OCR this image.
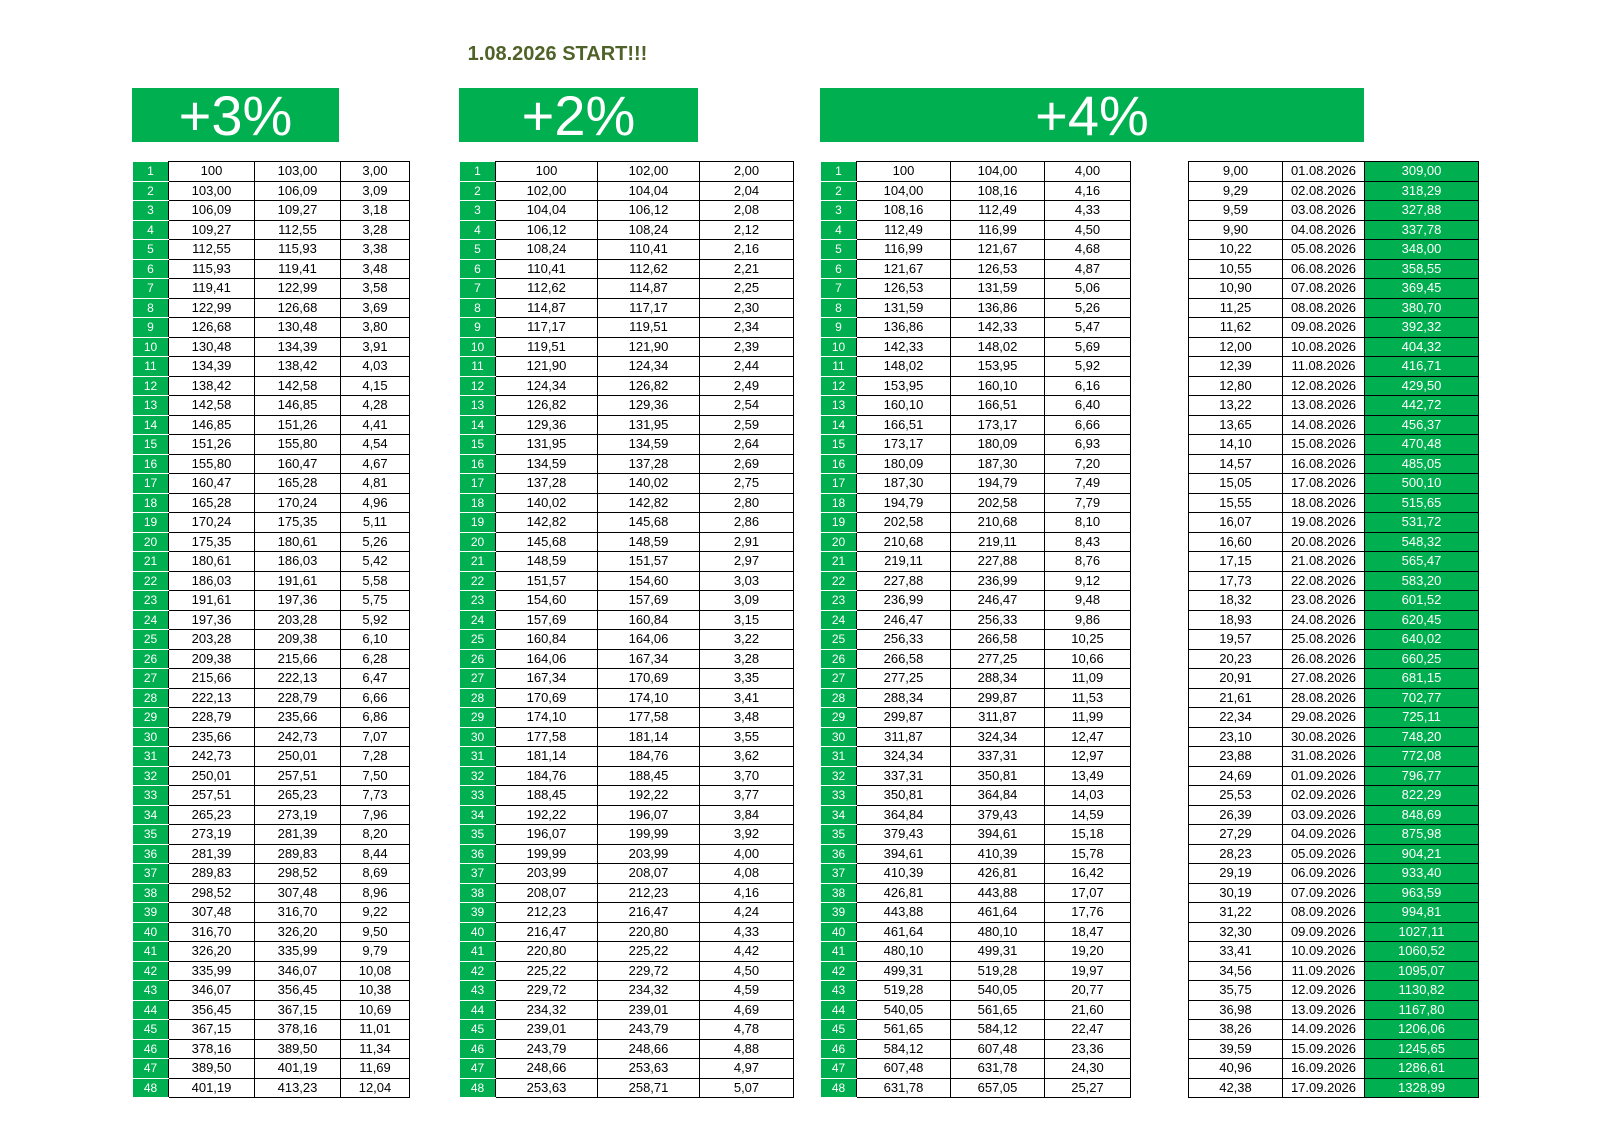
1.08.2026 START!!!
+3%	+2%	+4%
1	100	103,00	3,00
2	103,00	106,09	3,09
3	106,09	109,27	3,18
4	109,27	112,55	3,28
5	112,55	115,93	3,38
6	115,93	119,41	3,48
7	119,41	122,99	3,58
8	122,99	126,68	3,69
9	126,68	130,48	3,80
10	130,48	134,39	3,91
11	134,39	138,42	4,03
12	138,42	142,58	4,15
13	142,58	146,85	4,28
14	146,85	151,26	4,41
15	151,26	155,80	4,54
16	155,80	160,47	4,67
17	160,47	165,28	4,81
18	165,28	170,24	4,96
19	170,24	175,35	5,11
20	175,35	180,61	5,26
21	180,61	186,03	5,42
22	186,03	191,61	5,58
23	191,61	197,36	5,75
24	197,36	203,28	5,92
25	203,28	209,38	6,10
26	209,38	215,66	6,28
27	215,66	222,13	6,47
28	222,13	228,79	6,66
29	228,79	235,66	6,86
30	235,66	242,73	7,07
31	242,73	250,01	7,28
32	250,01	257,51	7,50
33	257,51	265,23	7,73
34	265,23	273,19	7,96
35	273,19	281,39	8,20
36	281,39	289,83	8,44
37	289,83	298,52	8,69
38	298,52	307,48	8,96
39	307,48	316,70	9,22
40	316,70	326,20	9,50
41	326,20	335,99	9,79
42	335,99	346,07	10,08
43	346,07	356,45	10,38
44	356,45	367,15	10,69
45	367,15	378,16	11,01
46	378,16	389,50	11,34
47	389,50	401,19	11,69
48	401,19	413,23	12,04
1	100	102,00	2,00
2	102,00	104,04	2,04
3	104,04	106,12	2,08
4	106,12	108,24	2,12
5	108,24	110,41	2,16
6	110,41	112,62	2,21
7	112,62	114,87	2,25
8	114,87	117,17	2,30
9	117,17	119,51	2,34
10	119,51	121,90	2,39
11	121,90	124,34	2,44
12	124,34	126,82	2,49
13	126,82	129,36	2,54
14	129,36	131,95	2,59
15	131,95	134,59	2,64
16	134,59	137,28	2,69
17	137,28	140,02	2,75
18	140,02	142,82	2,80
19	142,82	145,68	2,86
20	145,68	148,59	2,91
21	148,59	151,57	2,97
22	151,57	154,60	3,03
23	154,60	157,69	3,09
24	157,69	160,84	3,15
25	160,84	164,06	3,22
26	164,06	167,34	3,28
27	167,34	170,69	3,35
28	170,69	174,10	3,41
29	174,10	177,58	3,48
30	177,58	181,14	3,55
31	181,14	184,76	3,62
32	184,76	188,45	3,70
33	188,45	192,22	3,77
34	192,22	196,07	3,84
35	196,07	199,99	3,92
36	199,99	203,99	4,00
37	203,99	208,07	4,08
38	208,07	212,23	4,16
39	212,23	216,47	4,24
40	216,47	220,80	4,33
41	220,80	225,22	4,42
42	225,22	229,72	4,50
43	229,72	234,32	4,59
44	234,32	239,01	4,69
45	239,01	243,79	4,78
46	243,79	248,66	4,88
47	248,66	253,63	4,97
48	253,63	258,71	5,07
1	100	104,00	4,00
2	104,00	108,16	4,16
3	108,16	112,49	4,33
4	112,49	116,99	4,50
5	116,99	121,67	4,68
6	121,67	126,53	4,87
7	126,53	131,59	5,06
8	131,59	136,86	5,26
9	136,86	142,33	5,47
10	142,33	148,02	5,69
11	148,02	153,95	5,92
12	153,95	160,10	6,16
13	160,10	166,51	6,40
14	166,51	173,17	6,66
15	173,17	180,09	6,93
16	180,09	187,30	7,20
17	187,30	194,79	7,49
18	194,79	202,58	7,79
19	202,58	210,68	8,10
20	210,68	219,11	8,43
21	219,11	227,88	8,76
22	227,88	236,99	9,12
23	236,99	246,47	9,48
24	246,47	256,33	9,86
25	256,33	266,58	10,25
26	266,58	277,25	10,66
27	277,25	288,34	11,09
28	288,34	299,87	11,53
29	299,87	311,87	11,99
30	311,87	324,34	12,47
31	324,34	337,31	12,97
32	337,31	350,81	13,49
33	350,81	364,84	14,03
34	364,84	379,43	14,59
35	379,43	394,61	15,18
36	394,61	410,39	15,78
37	410,39	426,81	16,42
38	426,81	443,88	17,07
39	443,88	461,64	17,76
40	461,64	480,10	18,47
41	480,10	499,31	19,20
42	499,31	519,28	19,97
43	519,28	540,05	20,77
44	540,05	561,65	21,60
45	561,65	584,12	22,47
46	584,12	607,48	23,36
47	607,48	631,78	24,30
48	631,78	657,05	25,27
9,00	01.08.2026	309,00
9,29	02.08.2026	318,29
9,59	03.08.2026	327,88
9,90	04.08.2026	337,78
10,22	05.08.2026	348,00
10,55	06.08.2026	358,55
10,90	07.08.2026	369,45
11,25	08.08.2026	380,70
11,62	09.08.2026	392,32
12,00	10.08.2026	404,32
12,39	11.08.2026	416,71
12,80	12.08.2026	429,50
13,22	13.08.2026	442,72
13,65	14.08.2026	456,37
14,10	15.08.2026	470,48
14,57	16.08.2026	485,05
15,05	17.08.2026	500,10
15,55	18.08.2026	515,65
16,07	19.08.2026	531,72
16,60	20.08.2026	548,32
17,15	21.08.2026	565,47
17,73	22.08.2026	583,20
18,32	23.08.2026	601,52
18,93	24.08.2026	620,45
19,57	25.08.2026	640,02
20,23	26.08.2026	660,25
20,91	27.08.2026	681,15
21,61	28.08.2026	702,77
22,34	29.08.2026	725,11
23,10	30.08.2026	748,20
23,88	31.08.2026	772,08
24,69	01.09.2026	796,77
25,53	02.09.2026	822,29
26,39	03.09.2026	848,69
27,29	04.09.2026	875,98
28,23	05.09.2026	904,21
29,19	06.09.2026	933,40
30,19	07.09.2026	963,59
31,22	08.09.2026	994,81
32,30	09.09.2026	1027,11
33,41	10.09.2026	1060,52
34,56	11.09.2026	1095,07
35,75	12.09.2026	1130,82
36,98	13.09.2026	1167,80
38,26	14.09.2026	1206,06
39,59	15.09.2026	1245,65
40,96	16.09.2026	1286,61
42,38	17.09.2026	1328,99
